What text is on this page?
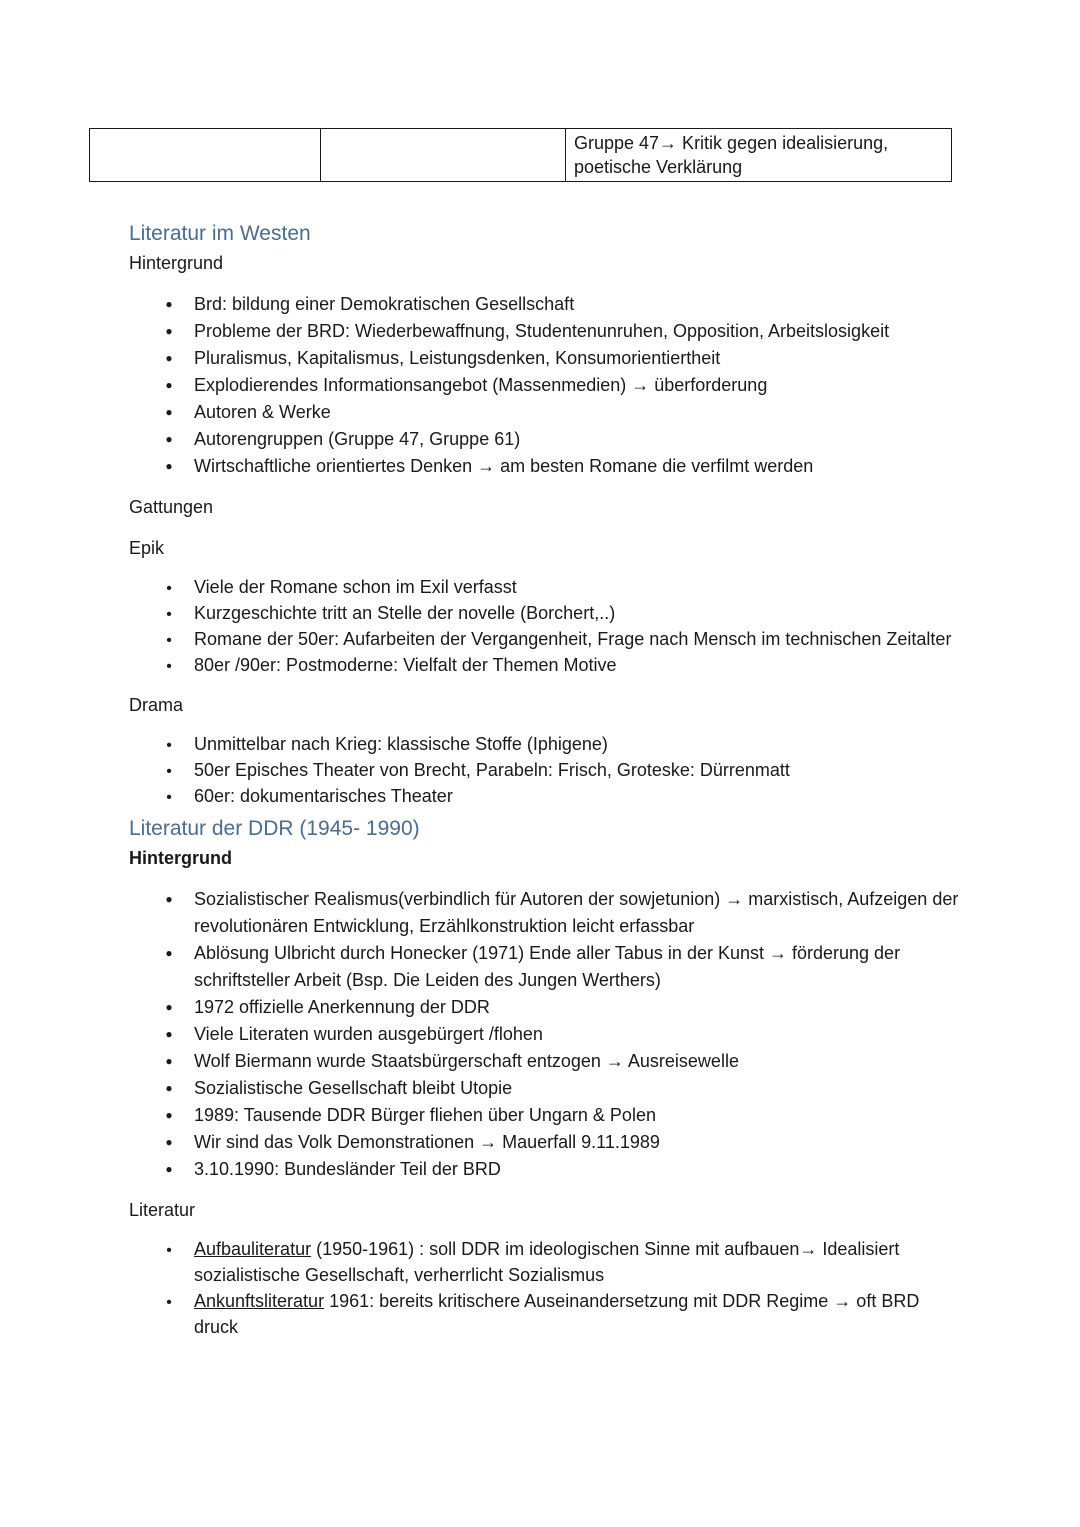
		Gruppe 47→ Kritik gegen idealisierung, poetische Verklärung
Literatur im Westen
Hintergrund
●
Brd: bildung einer Demokratischen Gesellschaft
●
Probleme der BRD: Wiederbewaffnung, Studentenunruhen, Opposition, Arbeitslosigkeit
●
Pluralismus, Kapitalismus, Leistungsdenken, Konsumorientiertheit
●
Explodierendes Informationsangebot (Massenmedien) → überforderung
●
Autoren & Werke
●
Autorengruppen (Gruppe 47, Gruppe 61)
●
Wirtschaftliche orientiertes Denken → am besten Romane die verfilmt werden
Gattungen
Epik
•
Viele der Romane schon im Exil verfasst
•
Kurzgeschichte tritt an Stelle der novelle (Borchert,..)
•
Romane der 50er: Aufarbeiten der Vergangenheit, Frage nach Mensch im technischen Zeitalter
•
80er /90er: Postmoderne: Vielfalt der Themen Motive
Drama
•
Unmittelbar nach Krieg: klassische Stoffe (Iphigene)
•
50er Episches Theater von Brecht, Parabeln: Frisch, Groteske: Dürrenmatt
•
60er: dokumentarisches Theater
Literatur der DDR (1945- 1990)
Hintergrund
●
Sozialistischer Realismus(verbindlich für Autoren der sowjetunion) → marxistisch, Aufzeigen der revolutionären Entwicklung, Erzählkonstruktion leicht erfassbar
●
Ablösung Ulbricht durch Honecker (1971) Ende aller Tabus in der Kunst → förderung der schriftsteller Arbeit (Bsp. Die Leiden des Jungen Werthers)
●
1972 offizielle Anerkennung der DDR
●
Viele Literaten wurden ausgebürgert /flohen
●
Wolf Biermann wurde Staatsbürgerschaft entzogen → Ausreisewelle
●
Sozialistische Gesellschaft bleibt Utopie
●
1989: Tausende DDR Bürger fliehen über Ungarn & Polen
●
Wir sind das Volk Demonstrationen → Mauerfall 9.11.1989
●
3.10.1990: Bundesländer Teil der BRD
Literatur
•
Aufbauliteratur (1950-1961) : soll DDR im ideologischen Sinne mit aufbauen→ Idealisiert sozialistische Gesellschaft, verherrlicht Sozialismus
•
Ankunftsliteratur 1961: bereits kritischere Auseinandersetzung mit DDR Regime → oft BRD druck
